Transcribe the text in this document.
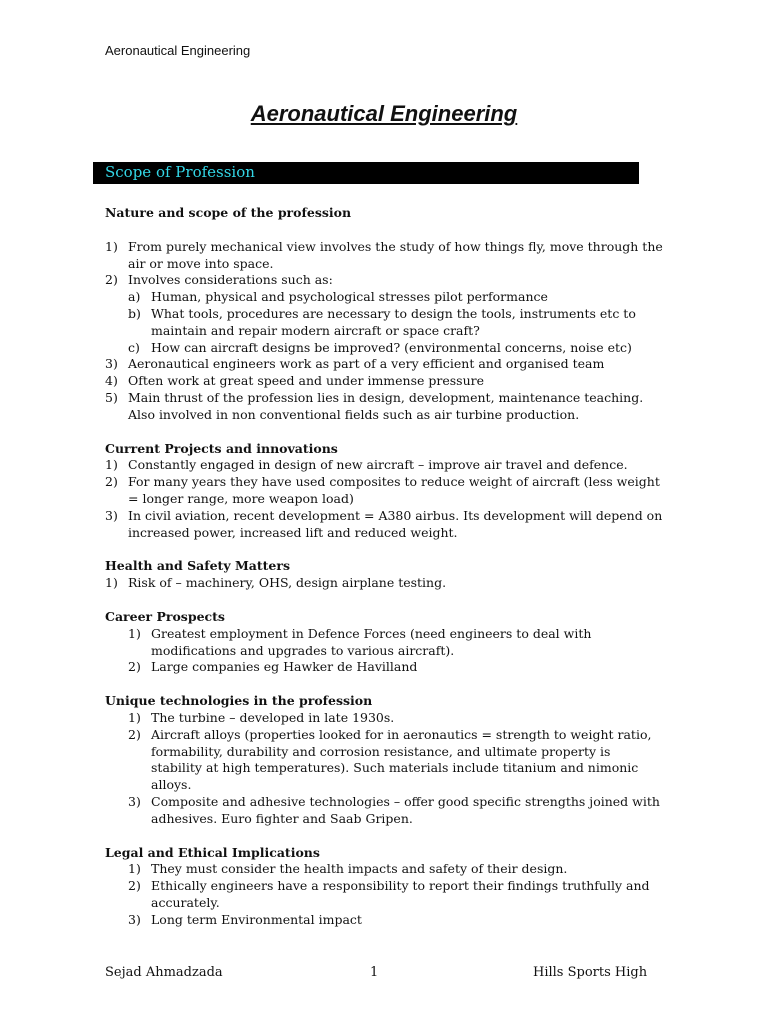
Aeronautical Engineering
Aeronautical Engineering
Scope of Profession
Nature and scope of the profession
1) From purely mechanical view involves the study of how things fly, move through the air or move into space.
2) Involves considerations such as:
a) Human, physical and psychological stresses pilot performance
b) What tools, procedures are necessary to design the tools, instruments etc to maintain and repair modern aircraft or space craft?
c) How can aircraft designs be improved? (environmental concerns, noise etc)
3) Aeronautical engineers work as part of a very efficient and organised team
4) Often work at great speed and under immense pressure
5) Main thrust of the profession lies in design, development, maintenance teaching. Also involved in non conventional fields such as air turbine production.
Current Projects and innovations
1) Constantly engaged in design of new aircraft – improve air travel and defence.
2) For many years they have used composites to reduce weight of aircraft (less weight = longer range, more weapon load)
3) In civil aviation, recent development = A380 airbus. Its development will depend on increased power, increased lift and reduced weight.
Health and Safety Matters
1) Risk of – machinery, OHS, design airplane testing.
Career Prospects
1) Greatest employment in Defence Forces (need engineers to deal with modifications and upgrades to various aircraft).
2) Large companies eg Hawker de Havilland
Unique technologies in the profession
1) The turbine – developed in late 1930s.
2) Aircraft alloys (properties looked for in aeronautics = strength to weight ratio, formability, durability and corrosion resistance, and ultimate property is stability at high temperatures). Such materials include titanium and nimonic alloys.
3) Composite and adhesive technologies – offer good specific strengths joined with adhesives. Euro fighter and Saab Gripen.
Legal and Ethical Implications
1) They must consider the health impacts and safety of their design.
2) Ethically engineers have a responsibility to report their findings truthfully and accurately.
3) Long term Environmental impact
Sejad Ahmadzada	1	Hills Sports High
